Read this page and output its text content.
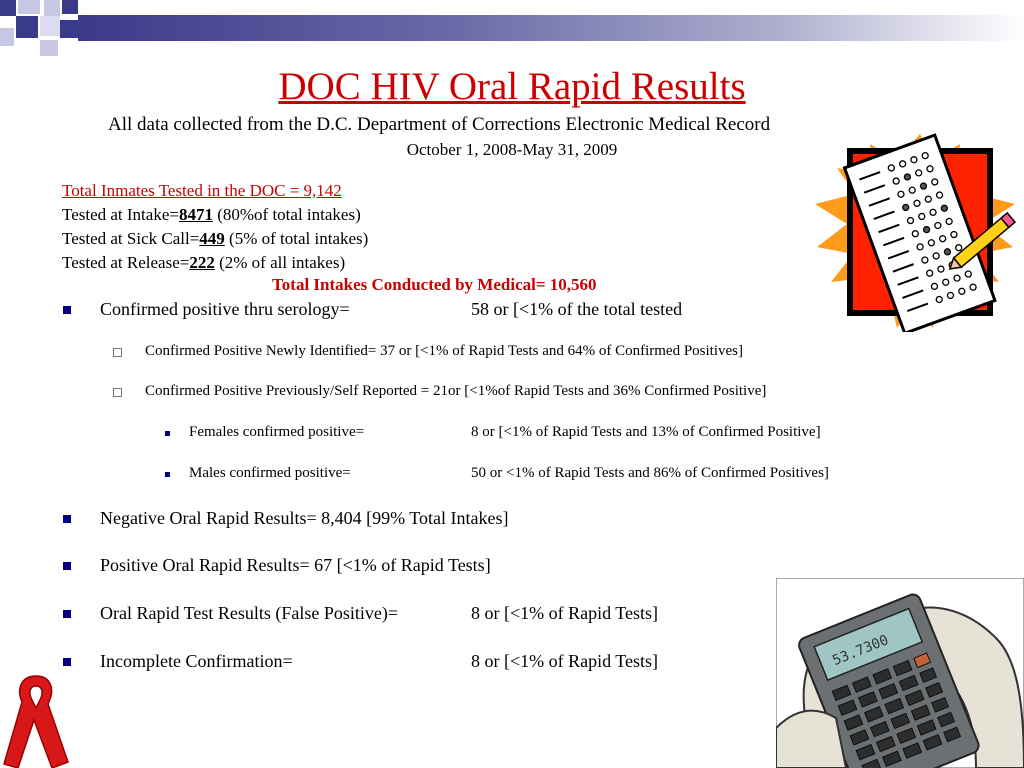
DOC HIV Oral Rapid Results
All data collected from the D.C. Department of Corrections Electronic Medical Record
October 1, 2008-May 31, 2009
Total Inmates Tested in the DOC = 9,142
Tested at Intake=8471 (80%of total intakes)
Tested at Sick Call=449 (5% of total intakes)
Tested at Release=222 (2% of all intakes)
Total Intakes Conducted by Medical= 10,560
Confirmed positive thru serology=	58 or [<1% of the total tested
Confirmed Positive Newly Identified= 37 or [<1% of Rapid Tests and 64% of Confirmed Positives]
Confirmed Positive Previously/Self Reported = 21or [<1%of Rapid Tests and 36% Confirmed Positive]
Females confirmed positive=	8 or [<1% of Rapid Tests and 13% of Confirmed Positive]
Males confirmed positive=	50 or <1% of Rapid Tests and 86% of Confirmed Positives]
Negative Oral Rapid Results= 8,404 [99% Total Intakes]
Positive Oral Rapid Results= 67 [<1% of Rapid Tests]
Oral Rapid Test Results (False Positive)=	8 or [<1% of Rapid Tests]
Incomplete Confirmation=	8 or [<1% of Rapid Tests]	53.7300
